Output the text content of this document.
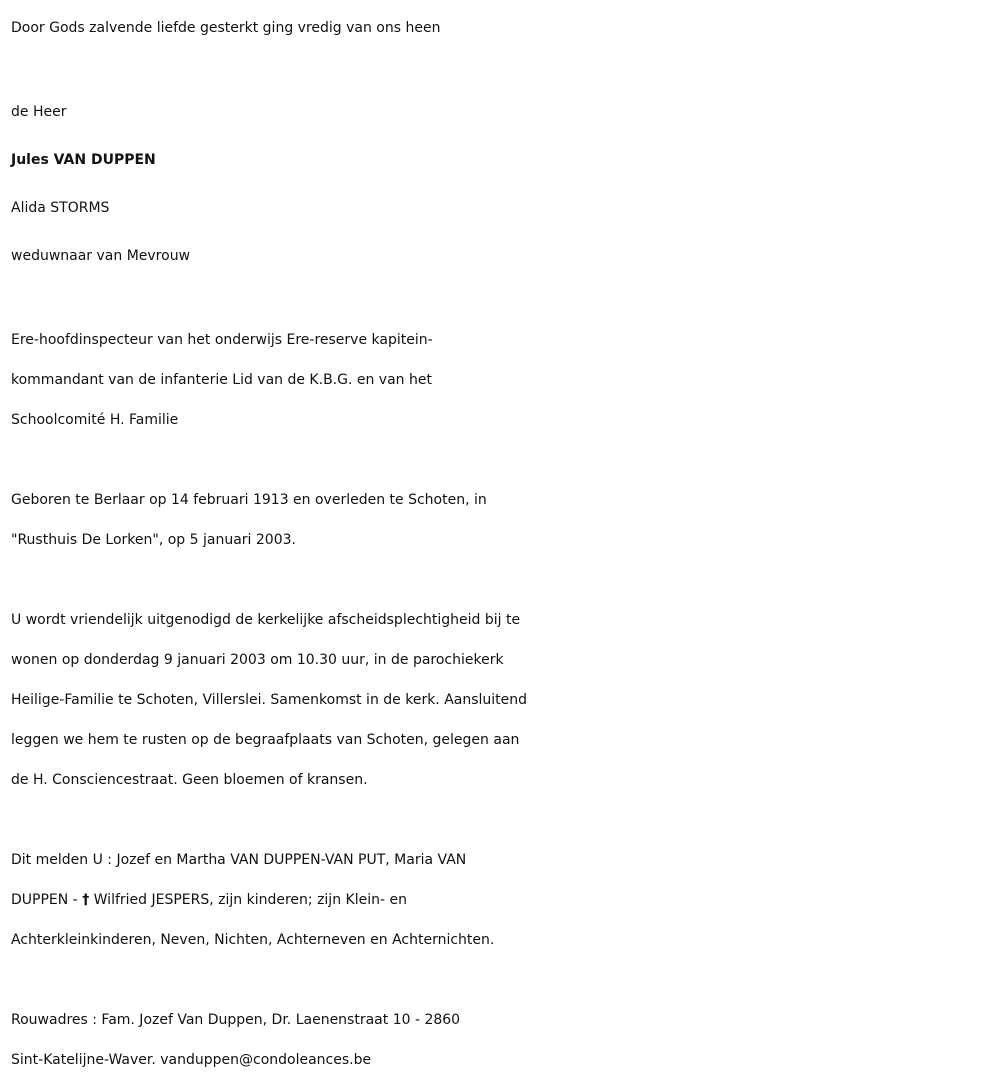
Door Gods zalvende liefde gesterkt ging vredig van ons heen

de Heer

Jules VAN DUPPEN

Alida STORMS

weduwnaar van Mevrouw

Ere-hoofdinspecteur van het onderwijs Ere-reserve kapitein-

kommandant van de infanterie Lid van de K.B.G. en van het

Schoolcomité H. Familie

Geboren te Berlaar op 14 februari 1913 en overleden te Schoten, in

"Rusthuis De Lorken", op 5 januari 2003.

U wordt vriendelijk uitgenodigd de kerkelijke afscheidsplechtigheid bij te

wonen op donderdag 9 januari 2003 om 10.30 uur, in de parochiekerk

Heilige-Familie te Schoten, Villerslei. Samenkomst in de kerk. Aansluitend

leggen we hem te rusten op de begraafplaats van Schoten, gelegen aan

de H. Consciencestraat. Geen bloemen of kransen.

Dit melden U : Jozef en Martha VAN DUPPEN-VAN PUT, Maria VAN

DUPPEN - † Wilfried JESPERS, zijn kinderen; zijn Klein- en

Achterkleinkinderen, Neven, Nichten, Achterneven en Achternichten.

Rouwadres : Fam. Jozef Van Duppen, Dr. Laenenstraat 10 - 2860

Sint-Katelijne-Waver. vanduppen@condoleances.be
